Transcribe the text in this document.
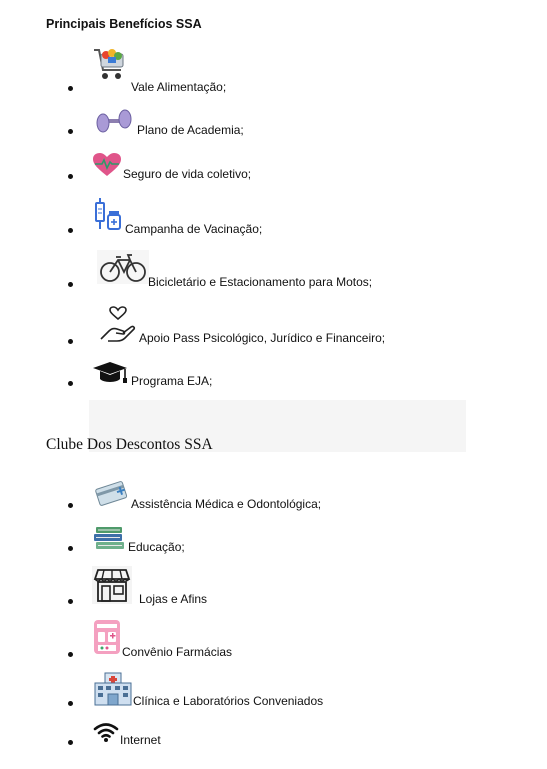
Principais Benefícios SSA
Vale Alimentação;
Plano de Academia;
Seguro de vida coletivo;
Campanha de Vacinação;
Bicicletário e Estacionamento para Motos;
Apoio Pass Psicológico, Jurídico e Financeiro;
Programa EJA;
Clube Dos Descontos SSA
Assistência Médica e Odontológica;
Educação;
Lojas e Afins
Convênio Farmácias
Clínica e Laboratórios Conveniados
Internet
